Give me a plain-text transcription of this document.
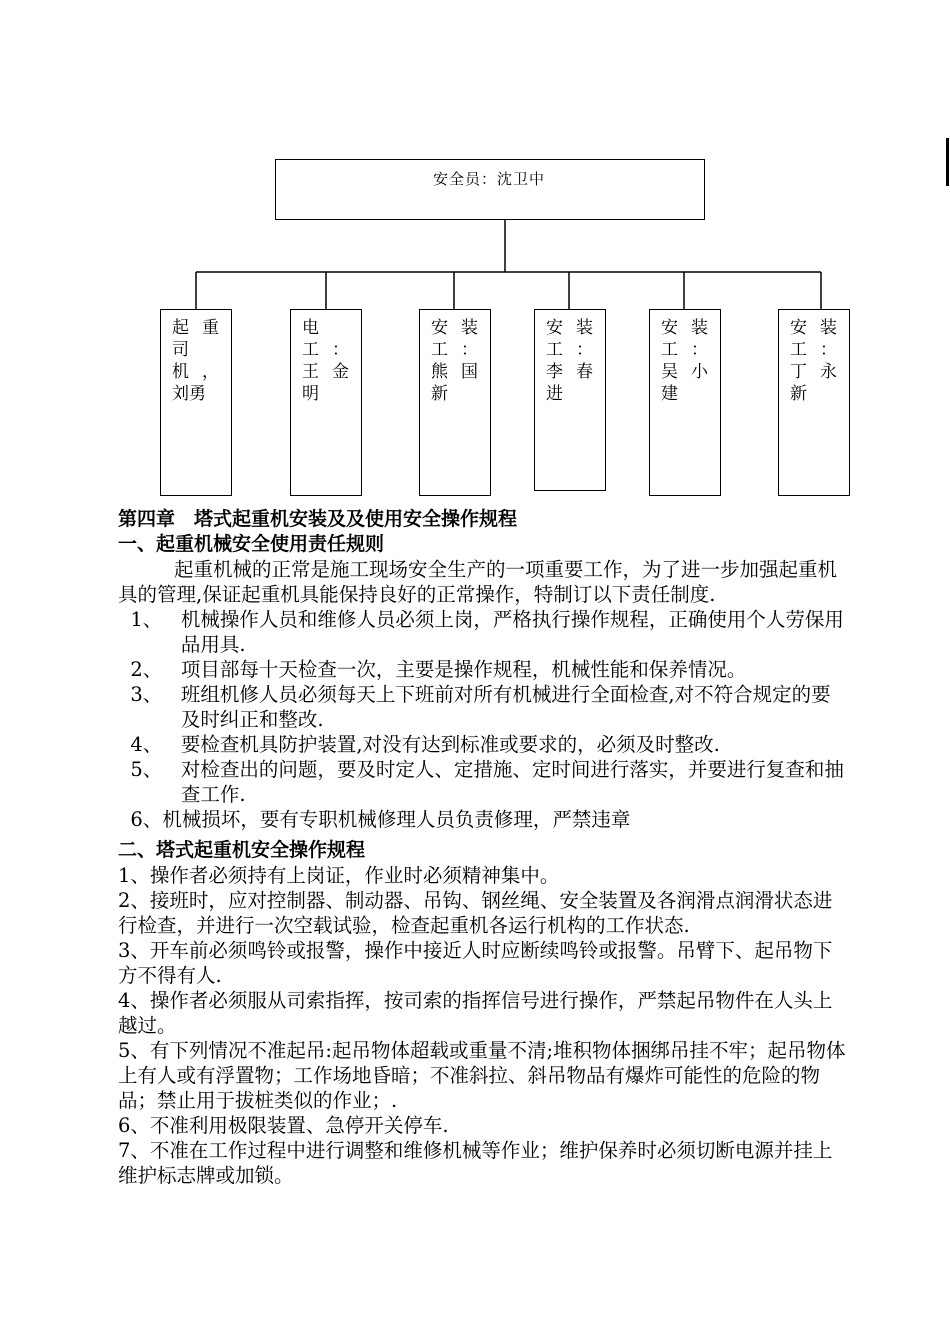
安全员：沈卫中
起 重
司
机 ，
刘勇
电
工 ：
王 金
明
安 装
工 ：
熊 国
新
安 装
工 ：
李 春
进
安 装
工 ：
吴 小
建
安 装
工 ：
丁 永
新
第四章　塔式起重机安装及及使用安全操作规程
一、起重机械安全使用责任规则

起重机械的正常是施工现场安全生产的一项重要工作，为了进一步加强起重机具的管理,保证起重机具能保持良好的正常操作，特制订以下责任制度.

1、 机械操作人员和维修人员必须上岗，严格执行操作规程，正确使用个人劳保用品用具.
2、 项目部每十天检查一次，主要是操作规程，机械性能和保养情况。
3、 班组机修人员必须每天上下班前对所有机械进行全面检查,对不符合规定的要及时纠正和整改.
4、 要检查机具防护装置,对没有达到标准或要求的，必须及时整改.
5、 对检查出的问题，要及时定人、定措施、定时间进行落实，并要进行复查和抽查工作.
6、 机械损坏，要有专职机械修理人员负责修理，严禁违章
二、塔式起重机安全操作规程

1、操作者必须持有上岗证，作业时必须精神集中。

2、接班时，应对控制器、制动器、吊钩、钢丝绳、安全装置及各润滑点润滑状态进行检查，并进行一次空载试验，检查起重机各运行机构的工作状态.

3、开车前必须鸣铃或报警，操作中接近人时应断续鸣铃或报警。吊臂下、起吊物下方不得有人.

4、操作者必须服从司索指挥，按司索的指挥信号进行操作，严禁起吊物件在人头上越过。

5、有下列情况不准起吊:起吊物体超载或重量不清;堆积物体捆绑吊挂不牢；起吊物体上有人或有浮置物；工作场地昏暗；不准斜拉、斜吊物品有爆炸可能性的危险的物品；禁止用于拔桩类似的作业；.

6、不准利用极限装置、急停开关停车.

7、不准在工作过程中进行调整和维修机械等作业；维护保养时必须切断电源并挂上维护标志牌或加锁。
